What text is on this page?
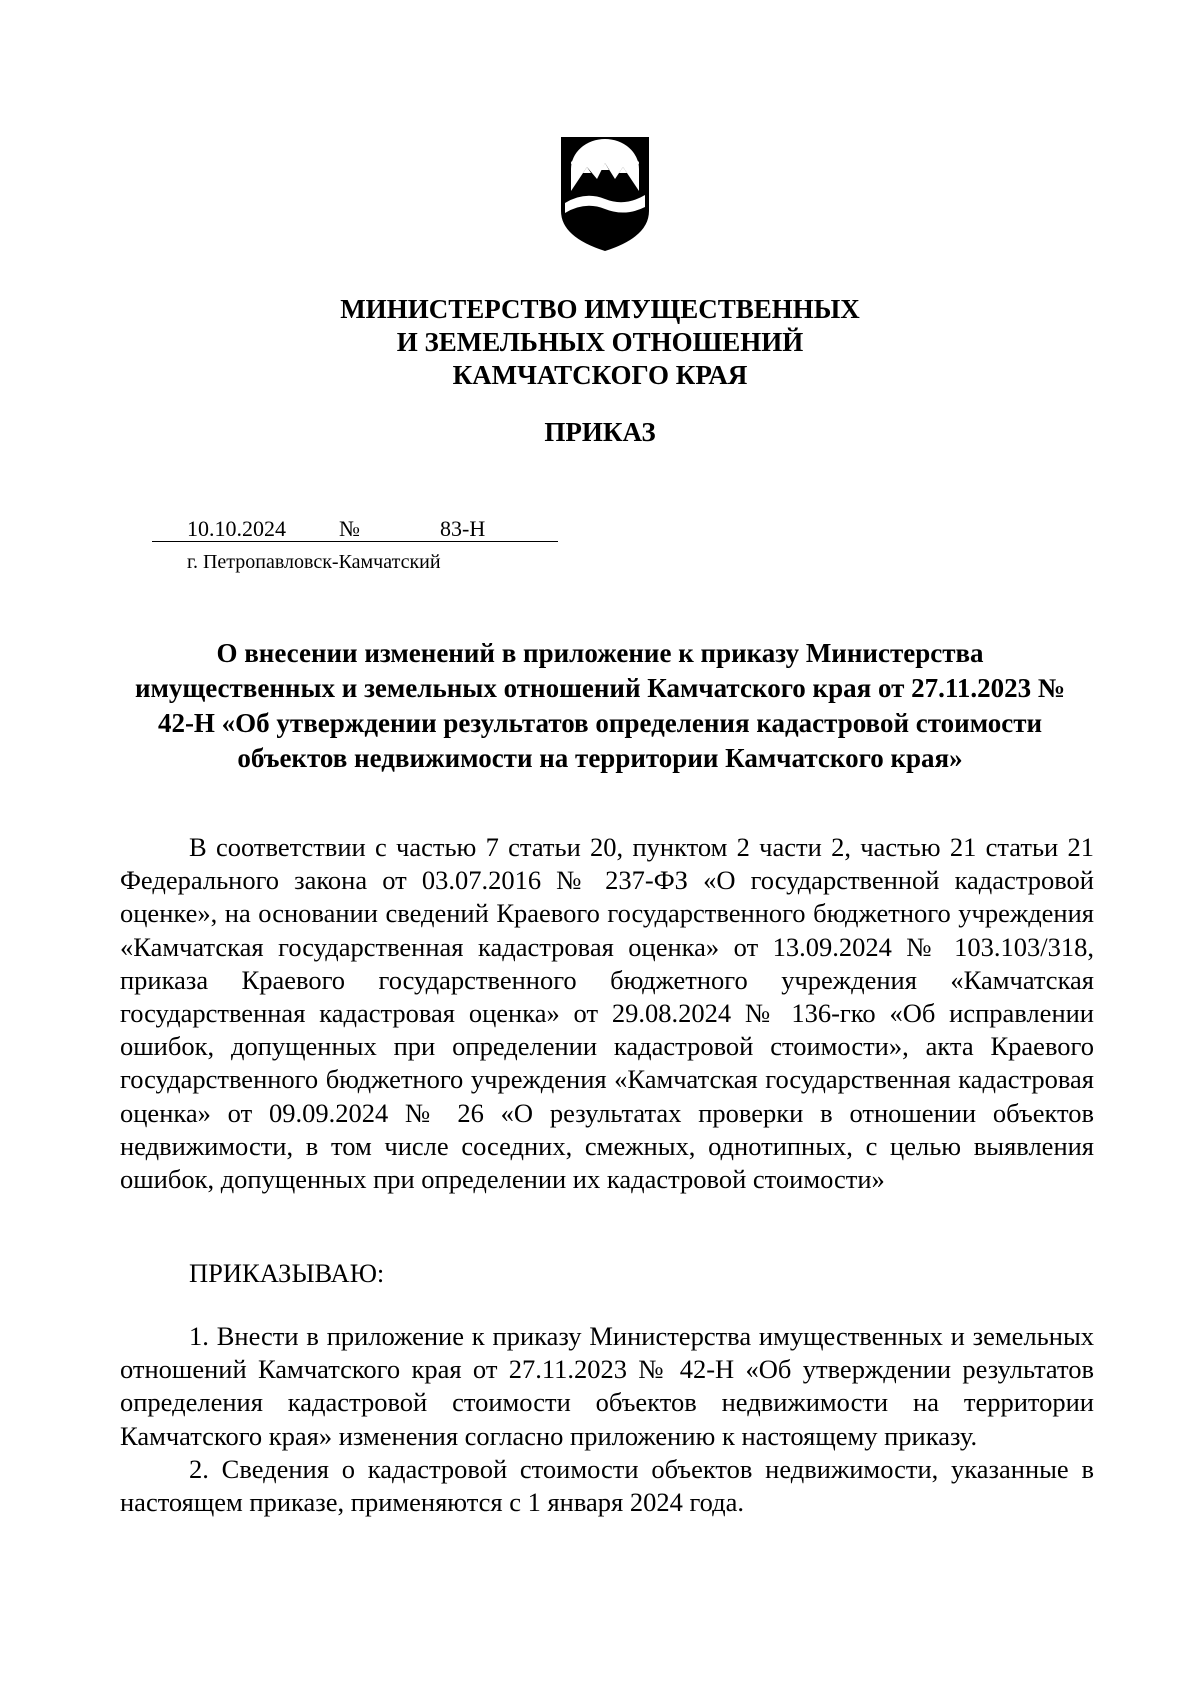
МИНИСТЕРСТВО ИМУЩЕСТВЕННЫХ
И ЗЕМЕЛЬНЫХ ОТНОШЕНИЙ
КАМЧАТСКОГО КРАЯ
ПРИКАЗ
10.10.2024 №	83-Н
г. Петропавловск-Камчатский
О внесении изменений в приложение к приказу Министерства имущественных и земельных отношений Камчатского края от 27.11.2023 № 42-Н «Об утверждении результатов определения кадастровой стоимости объектов недвижимости на территории Камчатского края»

В соответствии с частью 7 статьи 20, пунктом 2 части 2, частью 21 статьи 21 Федерального закона от 03.07.2016 № 237-ФЗ «О государственной кадастровой оценке», на основании сведений Краевого государственного бюджетного учреждения «Камчатская государственная кадастровая оценка» от 13.09.2024 № 103.103/318, приказа Краевого государственного бюджетного учреждения «Камчатская государственная кадастровая оценка» от 29.08.2024 № 136-гко «Об исправлении ошибок, допущенных при определении кадастровой стоимости», акта Краевого государственного бюджетного учреждения «Камчатская государственная кадастровая оценка» от 09.09.2024 № 26 «О результатах проверки в отношении объектов недвижимости, в том числе соседних, смежных, однотипных, с целью выявления ошибок, допущенных при определении их кадастровой стоимости»

ПРИКАЗЫВАЮ:

1. Внести в приложение к приказу Министерства имущественных и земельных отношений Камчатского края от 27.11.2023 № 42-Н «Об утверждении результатов определения кадастровой стоимости объектов недвижимости на территории Камчатского края» изменения согласно приложению к настоящему приказу.

2. Сведения о кадастровой стоимости объектов недвижимости, указанные в настоящем приказе, применяются с 1 января 2024 года.
